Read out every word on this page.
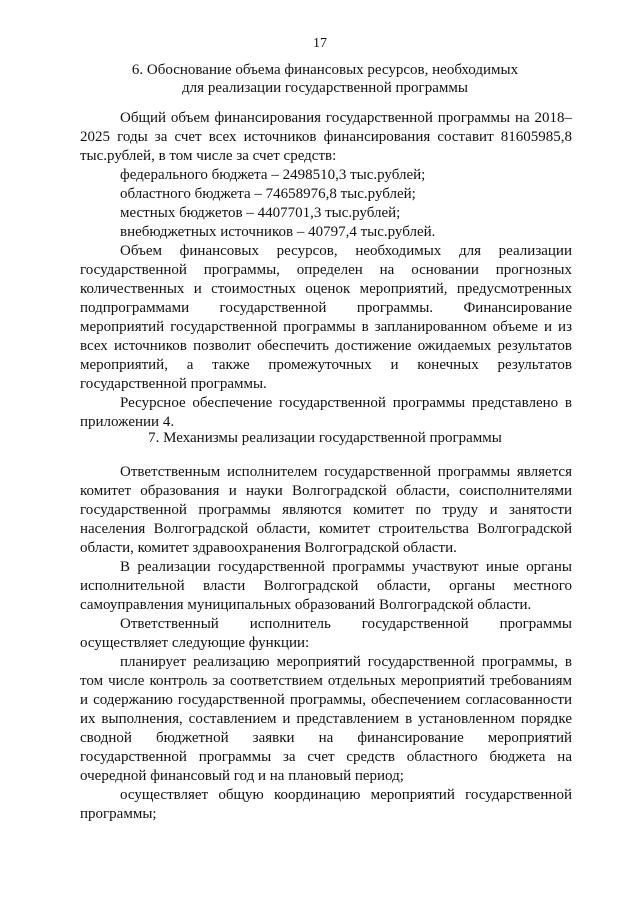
17
6. Обоснование объема финансовых ресурсов, необходимых
для реализации государственной программы

Общий объем финансирования государственной программы на 2018–2025 годы за счет всех источников финансирования составит 81605985,8 тыс.рублей, в том числе за счет средств:

федерального бюджета – 2498510,3 тыс.рублей;
областного бюджета – 74658976,8 тыс.рублей;
местных бюджетов – 4407701,3 тыс.рублей;
внебюджетных источников – 40797,4 тыс.рублей.

Объем финансовых ресурсов, необходимых для реализации государственной программы, определен на основании прогнозных количественных и стоимостных оценок мероприятий, предусмотренных подпрограммами государственной программы. Финансирование мероприятий государственной программы в запланированном объеме и из всех источников позволит обеспечить достижение ожидаемых результатов мероприятий, а также промежуточных и конечных результатов государственной программы.

Ресурсное обеспечение государственной программы представлено в приложении 4.

7. Механизмы реализации государственной программы

Ответственным исполнителем государственной программы является комитет образования и науки Волгоградской области, соисполнителями государственной программы являются комитет по труду и занятости населения Волгоградской области, комитет строительства Волгоградской области, комитет здравоохранения Волгоградской области.

В реализации государственной программы участвуют иные органы исполнительной власти Волгоградской области, органы местного самоуправления муниципальных образований Волгоградской области.

Ответственный исполнитель государственной программы осуществляет следующие функции:

планирует реализацию мероприятий государственной программы, в том числе контроль за соответствием отдельных мероприятий требованиям и содержанию государственной программы, обеспечением согласованности их выполнения, составлением и представлением в установленном порядке сводной бюджетной заявки на финансирование мероприятий государственной программы за счет средств областного бюджета на очередной финансовый год и на плановый период;

осуществляет общую координацию мероприятий государственной программы;
